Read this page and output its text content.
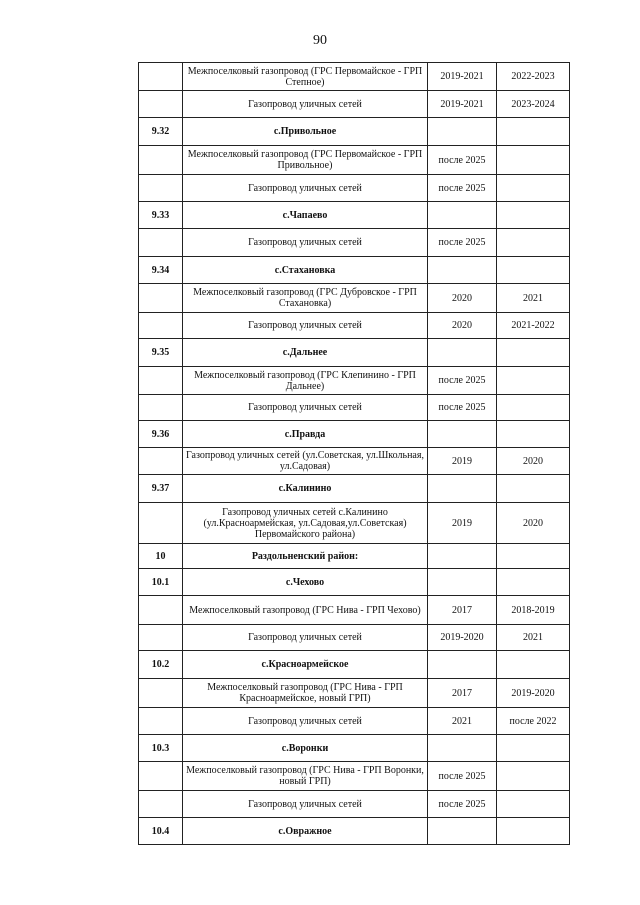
90
	Межпоселковый газопровод (ГРС Первомайское - ГРП Степное)	2019-2021	2022-2023
	Газопровод уличных сетей	2019-2021	2023-2024
9.32	с.Привольное		
	Межпоселковый газопровод (ГРС Первомайское - ГРП Привольное)	после 2025	
	Газопровод уличных сетей	после 2025	
9.33	с.Чапаево		
	Газопровод уличных сетей	после 2025	
9.34	с.Стахановка		
	Межпоселковый газопровод (ГРС Дубровское - ГРП Стахановка)	2020	2021
	Газопровод уличных сетей	2020	2021-2022
9.35	с.Дальнее		
	Межпоселковый газопровод (ГРС Клепинино - ГРП Дальнее)	после 2025	
	Газопровод уличных сетей	после 2025	
9.36	с.Правда		
	Газопровод уличных сетей (ул.Советская, ул.Школьная, ул.Садовая)	2019	2020
9.37	с.Калинино		
	Газопровод уличных сетей с.Калинино (ул.Красноармейская, ул.Садовая,ул.Советская) Первомайского района)	2019	2020
10	Раздольненский район:		
10.1	с.Чехово		
	Межпоселковый газопровод (ГРС Нива - ГРП Чехово)	2017	2018-2019
	Газопровод уличных сетей	2019-2020	2021
10.2	с.Красноармейское		
	Межпоселковый газопровод (ГРС Нива - ГРП Красноармейское, новый ГРП)	2017	2019-2020
	Газопровод уличных сетей	2021	после 2022
10.3	с.Воронки		
	Межпоселковый газопровод (ГРС Нива - ГРП Воронки, новый ГРП)	после 2025	
	Газопровод уличных сетей	после 2025	
10.4	с.Овражное		
